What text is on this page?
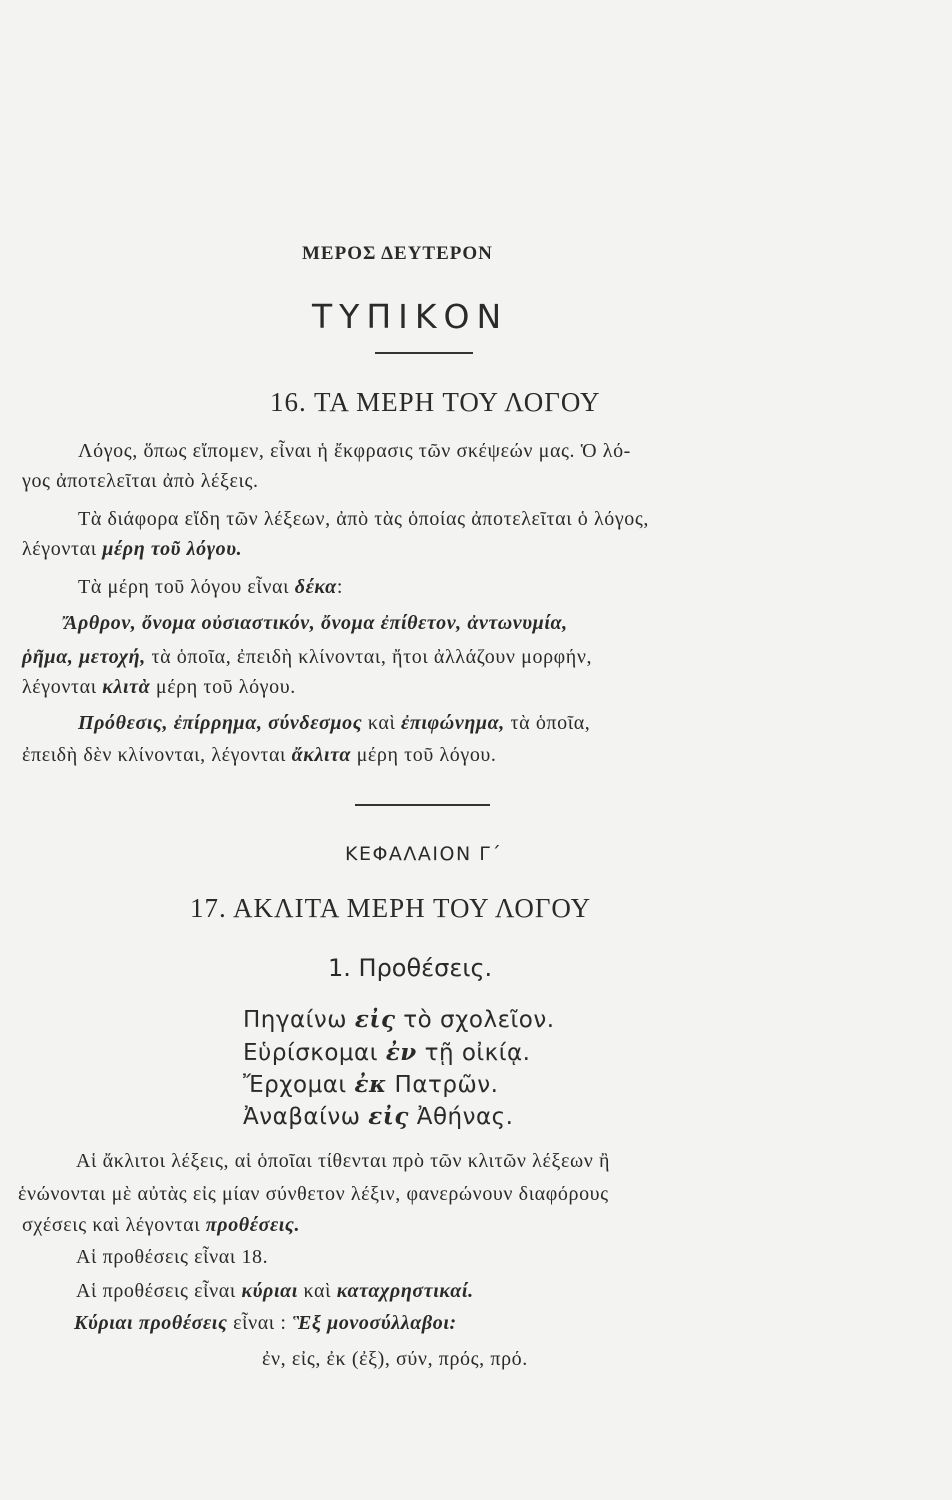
ΜΕΡΟΣ ΔΕΥΤΕΡΟΝ
ΤΥΠΙΚΟΝ
16. ΤΑ ΜΕΡΗ ΤΟΥ ΛΟΓΟΥ
Λόγος, ὅπως εἴπομεν, εἶναι ἡ ἔκφρασις τῶν σκέψεών μας. Ὁ λό-
γος ἀποτελεῖται ἀπὸ λέξεις.
Τὰ διάφορα εἴδη τῶν λέξεων, ἀπὸ τὰς ὁποίας ἀποτελεῖται ὁ λόγος,
λέγονται μέρη τοῦ λόγου.
Τὰ μέρη τοῦ λόγου εἶναι δέκα:
Ἄρθρον, ὄνομα οὐσιαστικόν, ὄνομα ἐπίθετον, ἀντωνυμία,
ῥῆμα, μετοχή, τὰ ὁποῖα, ἐπειδὴ κλίνονται, ἤτοι ἀλλάζουν μορφήν,
λέγονται κλιτὰ μέρη τοῦ λόγου.
Πρόθεσις, ἐπίρρημα, σύνδεσμος καὶ ἐπιφώνημα, τὰ ὁποῖα,
ἐπειδὴ δὲν κλίνονται, λέγονται ἄκλιτα μέρη τοῦ λόγου.
ΚΕΦΑΛΑΙΟΝ Γ΄
17. ΑΚΛΙΤΑ ΜΕΡΗ ΤΟΥ ΛΟΓΟΥ
1. Προθέσεις.
Πηγαίνω εἰς τὸ σχολεῖον.
Εὑρίσκομαι ἐν τῇ οἰκίᾳ.
Ἔρχομαι ἐκ Πατρῶν.
Ἀναβαίνω εἰς Ἀθήνας.
Αἱ ἄκλιτοι λέξεις, αἱ ὁποῖαι τίθενται πρὸ τῶν κλιτῶν λέξεων ἢ
ἑνώνονται μὲ αὐτὰς εἰς μίαν σύνθετον λέξιν, φανερώνουν διαφόρους
σχέσεις καὶ λέγονται προθέσεις.
Αἱ προθέσεις εἶναι 18.
Αἱ προθέσεις εἶναι κύριαι καὶ καταχρηστικαί.
Κύριαι προθέσεις εἶναι : Ἓξ μονοσύλλαβοι:
ἐν, εἰς, ἐκ (ἐξ), σύν, πρός, πρό.
